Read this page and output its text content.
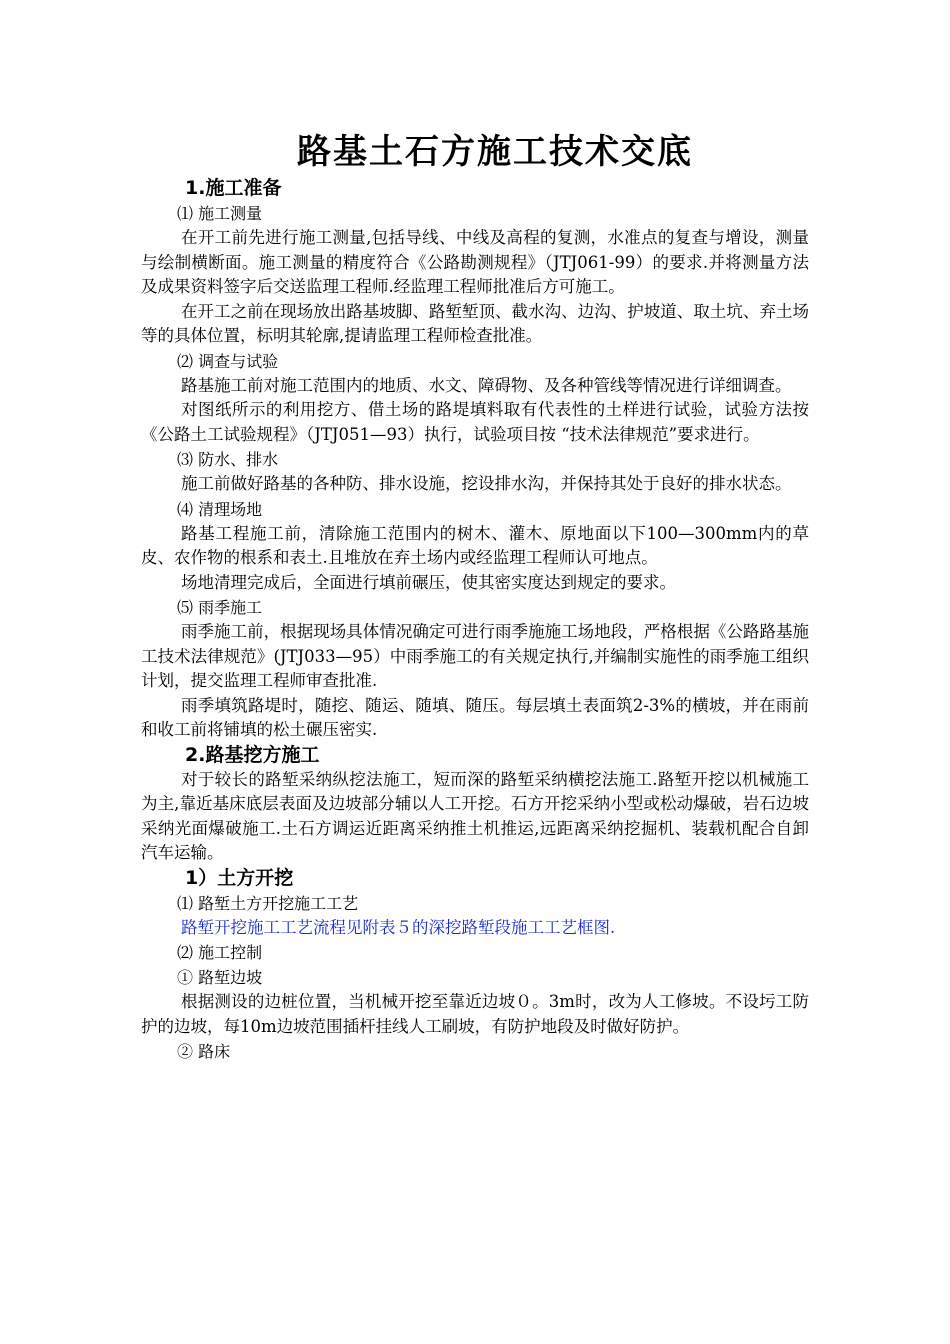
路基土石方施工技术交底
1.施工准备
⑴ 施工测量
在开工前先进行施工测量,包括导线、中线及高程的复测，水准点的复查与增设，测量与绘制横断面。施工测量的精度符合《公路勘测规程》（JTJ061-99）的要求.并将测量方法及成果资料签字后交送监理工程师.经监理工程师批准后方可施工。
在开工之前在现场放出路基坡脚、路堑堑顶、截水沟、边沟、护坡道、取土坑、弃土场等的具体位置，标明其轮廓,提请监理工程师检查批准。
⑵ 调查与试验
路基施工前对施工范围内的地质、水文、障碍物、及各种管线等情况进行详细调查。
对图纸所示的利用挖方、借土场的路堤填料取有代表性的土样进行试验，试验方法按《公路土工试验规程》（JTJ051—93）执行，试验项目按 “技术法律规范”要求进行。
⑶ 防水、排水
施工前做好路基的各种防、排水设施，挖设排水沟，并保持其处于良好的排水状态。
⑷ 清理场地
路基工程施工前，清除施工范围内的树木、灌木、原地面以下100—300mm内的草皮、农作物的根系和表土.且堆放在弃土场内或经监理工程师认可地点。
场地清理完成后，全面进行填前碾压，使其密实度达到规定的要求。
⑸ 雨季施工
雨季施工前，根据现场具体情况确定可进行雨季施施工场地段，严格根据《公路路基施工技术法律规范》(JTJ033—95）中雨季施工的有关规定执行,并编制实施性的雨季施工组织计划，提交监理工程师审查批准.
雨季填筑路堤时，随挖、随运、随填、随压。每层填土表面筑2-3%的横坡，并在雨前和收工前将铺填的松土碾压密实.
2.路基挖方施工
对于较长的路堑采纳纵挖法施工，短而深的路堑采纳横挖法施工.路堑开挖以机械施工为主,靠近基床底层表面及边坡部分辅以人工开挖。石方开挖采纳小型或松动爆破，岩石边坡采纳光面爆破施工.土石方调运近距离采纳推土机推运,远距离采纳挖掘机、装载机配合自卸汽车运输。
1）土方开挖
⑴ 路堑土方开挖施工工艺
路堑开挖施工工艺流程见附表５的深挖路堑段施工工艺框图.
⑵ 施工控制
① 路堑边坡
根据测设的边桩位置，当机械开挖至靠近边坡０。3m时，改为人工修坡。不设圬工防护的边坡，每10m边坡范围插杆挂线人工刷坡，有防护地段及时做好防护。
② 路床
